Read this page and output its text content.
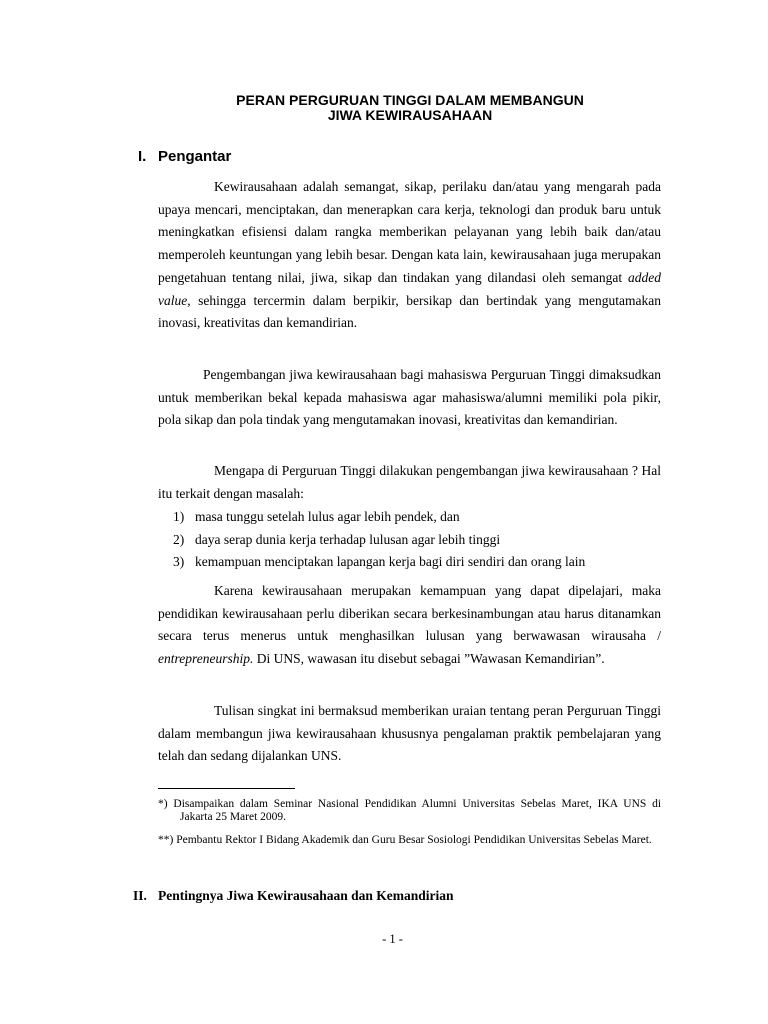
PERAN PERGURUAN TINGGI DALAM MEMBANGUN

JIWA KEWIRAUSAHAAN

I. Pengantar

Kewirausahaan adalah semangat, sikap, perilaku dan/atau yang mengarah pada upaya mencari, menciptakan, dan menerapkan cara kerja, teknologi dan produk baru untuk meningkatkan efisiensi dalam rangka memberikan pelayanan yang lebih baik dan/atau memperoleh keuntungan yang lebih besar. Dengan kata lain, kewirausahaan juga merupakan pengetahuan tentang nilai, jiwa, sikap dan tindakan yang dilandasi oleh semangat added value, sehingga tercermin dalam berpikir, bersikap dan bertindak yang mengutamakan inovasi, kreativitas dan kemandirian.

Pengembangan jiwa kewirausahaan bagi mahasiswa Perguruan Tinggi dimaksudkan untuk memberikan bekal kepada mahasiswa agar mahasiswa/alumni memiliki pola pikir, pola sikap dan pola tindak yang mengutamakan inovasi, kreativitas dan kemandirian.

Mengapa di Perguruan Tinggi dilakukan pengembangan jiwa kewirausahaan ? Hal itu terkait dengan masalah:

1) masa tunggu setelah lulus agar lebih pendek, dan
2) daya serap dunia kerja terhadap lulusan agar lebih tinggi
3) kemampuan menciptakan lapangan kerja bagi diri sendiri dan orang lain

Karena kewirausahaan merupakan kemampuan yang dapat dipelajari, maka pendidikan kewirausahaan perlu diberikan secara berkesinambungan atau harus ditanamkan secara terus menerus untuk menghasilkan lulusan yang berwawasan wirausaha / entrepreneurship. Di UNS, wawasan itu disebut sebagai ”Wawasan Kemandirian”.

Tulisan singkat ini bermaksud memberikan uraian tentang peran Perguruan Tinggi dalam membangun jiwa kewirausahaan khususnya pengalaman praktik pembelajaran yang telah dan sedang dijalankan UNS.

*) Disampaikan dalam Seminar Nasional Pendidikan Alumni Universitas Sebelas Maret, IKA UNS di Jakarta 25 Maret 2009.

**) Pembantu Rektor I Bidang Akademik dan Guru Besar Sosiologi Pendidikan Universitas Sebelas Maret.

II. Pentingnya Jiwa Kewirausahaan dan Kemandirian

- 1 -
